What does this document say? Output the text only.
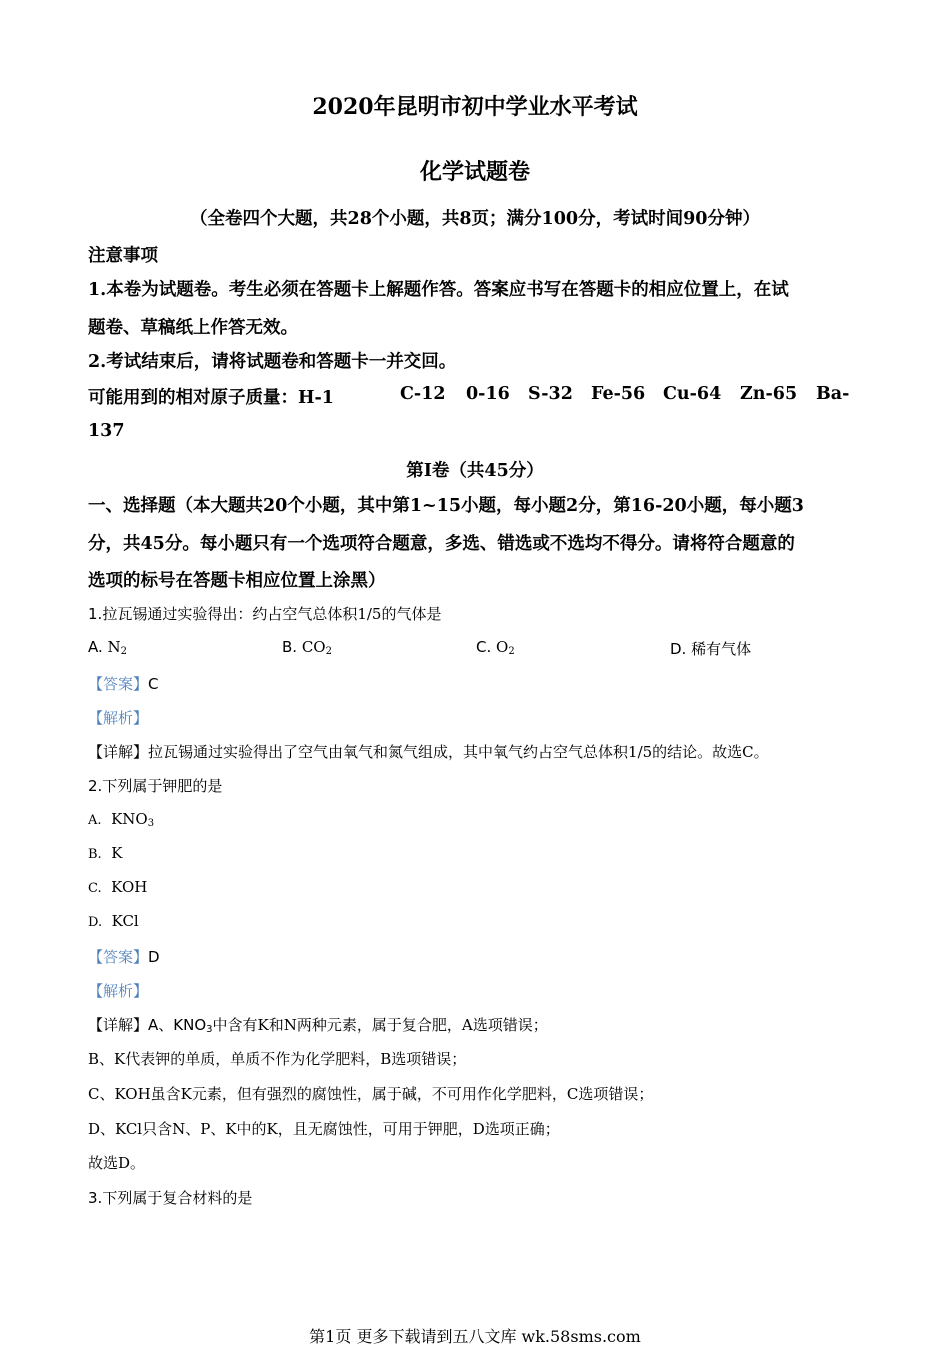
2020年昆明市初中学业水平考试
化学试题卷
（全卷四个大题，共28个小题，共8页；满分100分，考试时间90分钟）
注意事项
1.本卷为试题卷。考生必须在答题卡上解题作答。答案应书写在答题卡的相应位置上，在试
题卷、草稿纸上作答无效。
2.考试结束后，请将试题卷和答题卡一并交回。
可能用到的相对原子质量：H-1	C-12 0-16 S-32 Fe-56 Cu-64 Zn-65 Ba-
137
第Ⅰ卷（共45分）
一、选择题（本大题共20个小题，其中第1~15小题，每小题2分，第16-20小题，每小题3
分，共45分。每小题只有一个选项符合题意，多选、错选或不选均不得分。请将符合题意的
选项的标号在答题卡相应位置上涂黑）
1.拉瓦锡通过实验得出：约占空气总体积1/5的气体是
A. $N_2$	B. $CO_2$	C. $O_2$	D. 稀有气体
【答案】C
【解析】
【详解】拉瓦锡通过实验得出了空气由氧气和氮气组成，其中氧气约占空气总体积1/5的结论。故选C。
2.下列属于钾肥的是
A. $KNO_3$
B. K
C. KOH
D. KCl
【答案】D
【解析】
【详解】A、$KNO_3$中含有K和N两种元素，属于复合肥，A选项错误；
B、K代表钾的单质，单质不作为化学肥料，B选项错误；
C、KOH虽含K元素，但有强烈的腐蚀性，属于碱，不可用作化学肥料，C选项错误；
D、KCl只含N、P、K中的K，且无腐蚀性，可用于钾肥，D选项正确；
故选D。
3.下列属于复合材料的是
第1页 更多下载请到五八文库 wk.58sms.com
